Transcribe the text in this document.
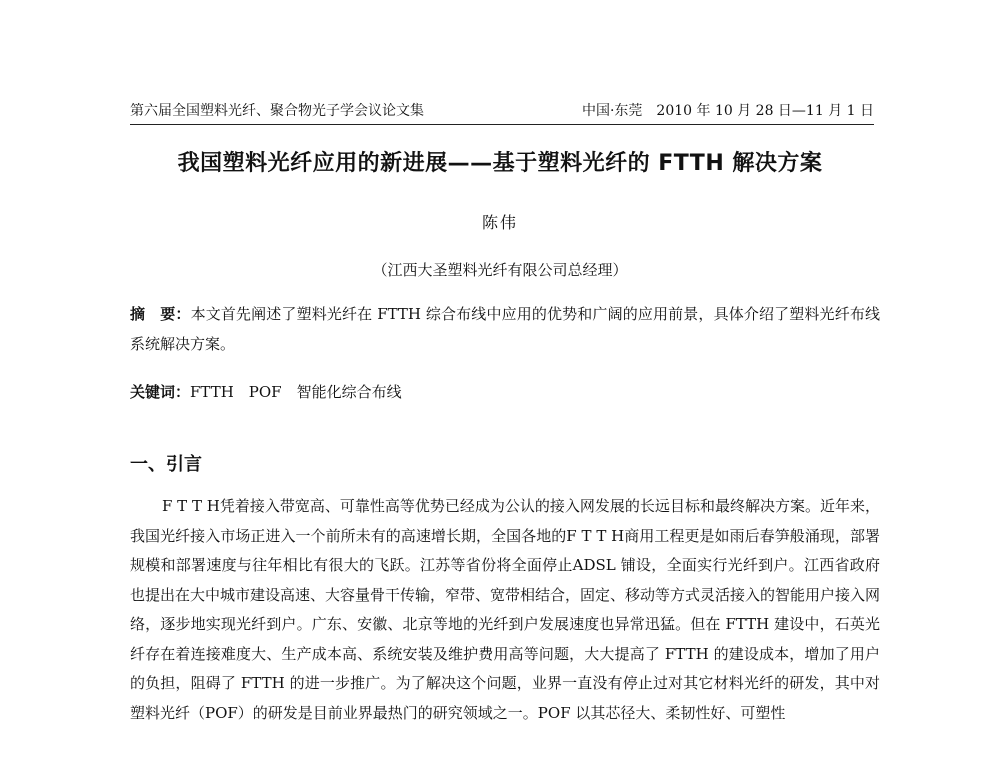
第六届全国塑料光纤、聚合物光子学会议论文集	中国·东莞　2010 年 10 月 28 日—11 月 1 日
我国塑料光纤应用的新进展——基于塑料光纤的 FTTH 解决方案
陈伟
（江西大圣塑料光纤有限公司总经理）
摘　要：本文首先阐述了塑料光纤在 FTTH 综合布线中应用的优势和广阔的应用前景，具体介绍了塑料光纤布线系统解决方案。
关键词：FTTH　POF　智能化综合布线
一、引言
F T T H凭着接入带宽高、可靠性高等优势已经成为公认的接入网发展的长远目标和最终解决方案。近年来，我国光纤接入市场正进入一个前所未有的高速增长期，全国各地的F T T H商用工程更是如雨后春笋般涌现，部署规模和部署速度与往年相比有很大的飞跃。江苏等省份将全面停止ADSL 铺设，全面实行光纤到户。江西省政府也提出在大中城市建设高速、大容量骨干传输，窄带、宽带相结合，固定、移动等方式灵活接入的智能用户接入网络，逐步地实现光纤到户。广东、安徽、北京等地的光纤到户发展速度也异常迅猛。但在 FTTH 建设中，石英光纤存在着连接难度大、生产成本高、系统安装及维护费用高等问题，大大提高了 FTTH 的建设成本，增加了用户的负担，阻碍了 FTTH 的进一步推广。为了解决这个问题，业界一直没有停止过对其它材料光纤的研发，其中对塑料光纤（POF）的研发是目前业界最热门的研究领域之一。POF 以其芯径大、柔韧性好、可塑性
